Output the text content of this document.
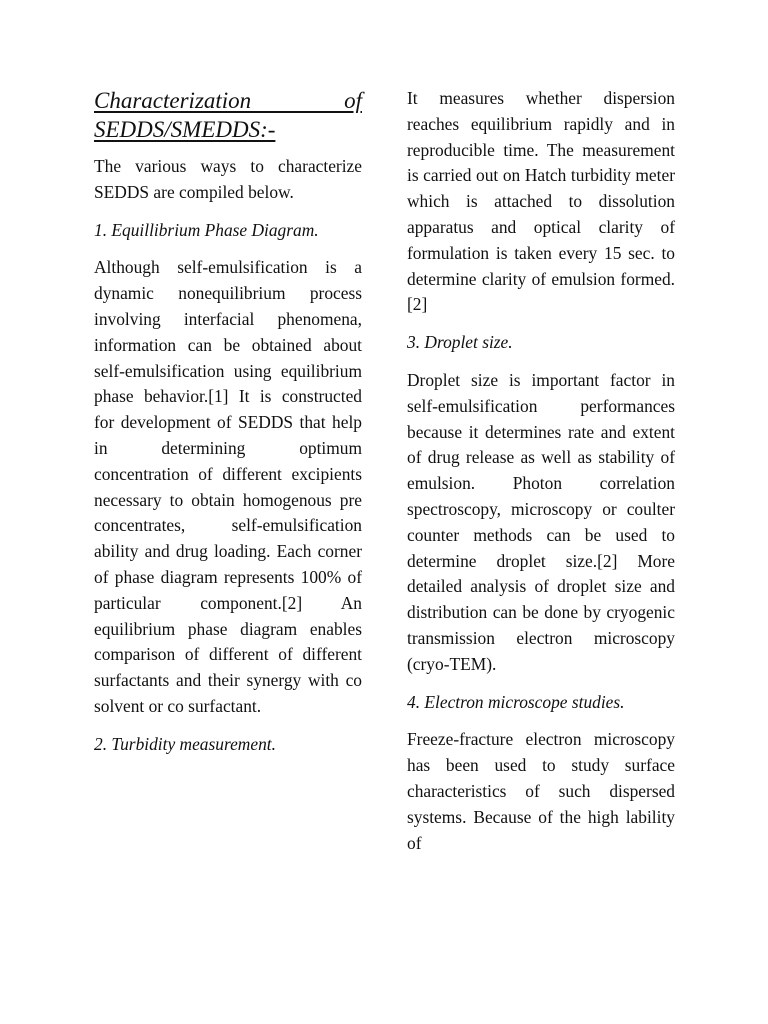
Characterization of
SEDDS/SMEDDS:-

The various ways to characterize SEDDS are compiled below.

1. Equillibrium Phase Diagram.

Although self-emulsification is a dynamic nonequilibrium process involving interfacial phenomena, information can be obtained about self-emulsification using equilibrium phase behavior.[1] It is constructed for development of SEDDS that help in determining optimum concentration of different excipients necessary to obtain homogenous pre concentrates, self-emulsification ability and drug loading. Each corner of phase diagram represents 100% of particular component.[2] An equilibrium phase diagram enables comparison of different of different surfactants and their synergy with co solvent or co surfactant.

2. Turbidity measurement.

It measures whether dispersion reaches equilibrium rapidly and in reproducible time. The measurement is carried out on Hatch turbidity meter which is attached to dissolution apparatus and optical clarity of formulation is taken every 15 sec. to determine clarity of emulsion formed.[2]

3. Droplet size.

Droplet size is important factor in self-emulsification performances because it determines rate and extent of drug release as well as stability of emulsion. Photon correlation spectroscopy, microscopy or coulter counter methods can be used to determine droplet size.[2] More detailed analysis of droplet size and distribution can be done by cryogenic transmission electron microscopy (cryo-TEM).

4. Electron microscope studies.

Freeze-fracture electron microscopy has been used to study surface characteristics of such dispersed systems. Because of the high lability of
